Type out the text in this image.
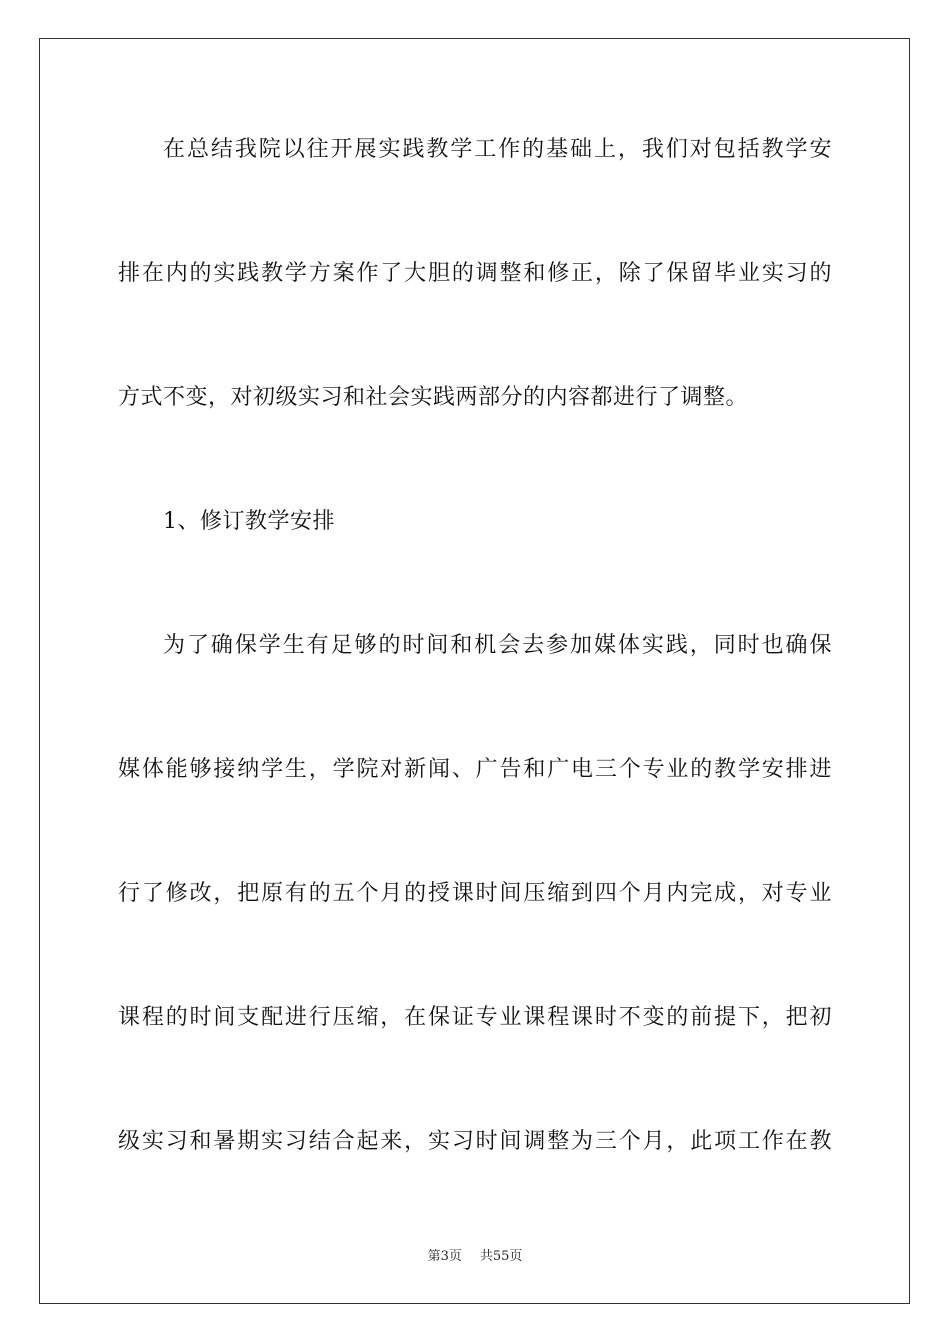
在总结我院以往开展实践教学工作的基础上，我们对包括教学安
排在内的实践教学方案作了大胆的调整和修正，除了保留毕业实习的
方式不变，对初级实习和社会实践两部分的内容都进行了调整。
1、修订教学安排
为了确保学生有足够的时间和机会去参加媒体实践，同时也确保
媒体能够接纳学生，学院对新闻、广告和广电三个专业的教学安排进
行了修改，把原有的五个月的授课时间压缩到四个月内完成，对专业
课程的时间支配进行压缩，在保证专业课程课时不变的前提下，把初
级实习和暑期实习结合起来，实习时间调整为三个月，此项工作在教
第3页 共55页
